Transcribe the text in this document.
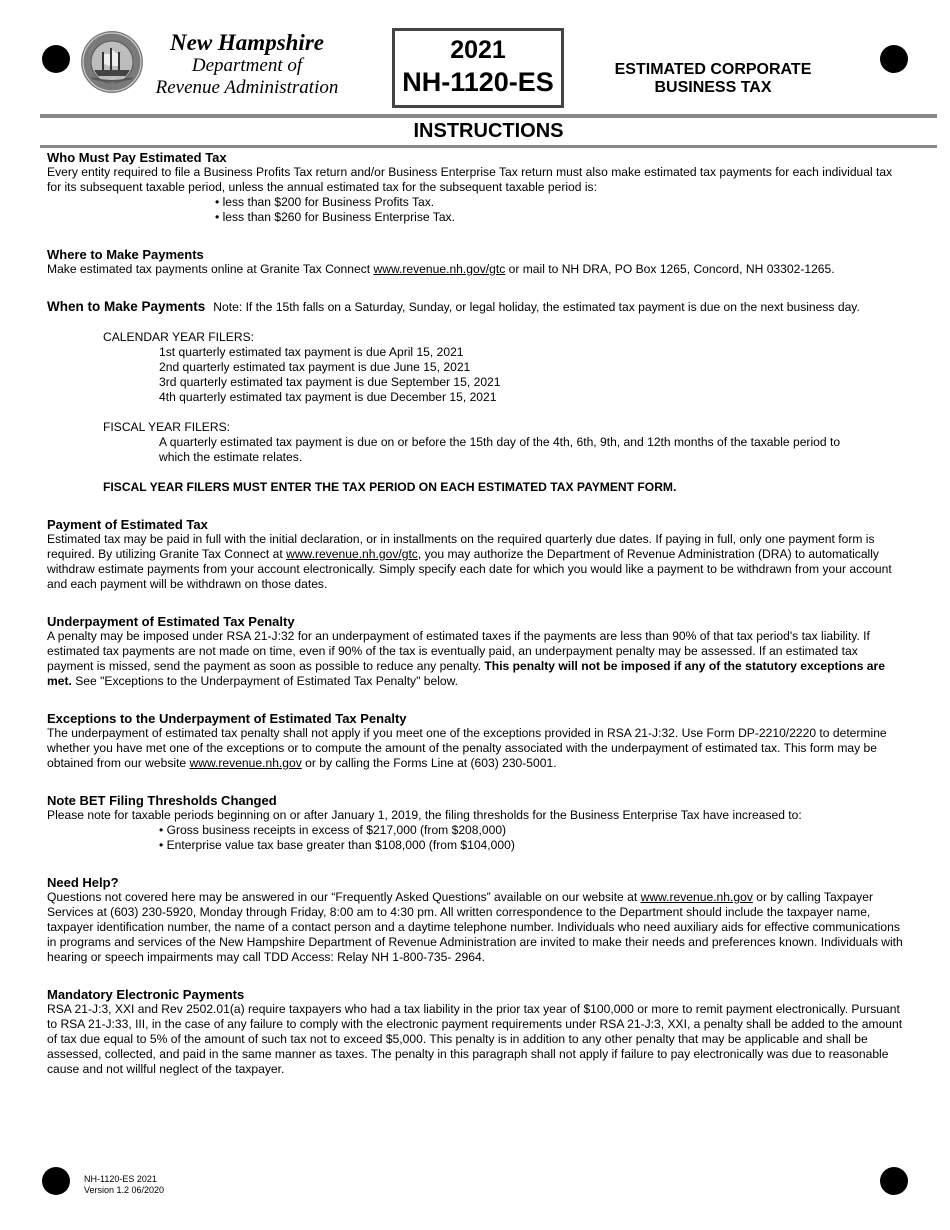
New Hampshire
Department of
Revenue Administration
2021
NH-1120-ES	ESTIMATED CORPORATE
BUSINESS TAX
INSTRUCTIONS

Who Must Pay Estimated Tax

Every entity required to file a Business Profits Tax return and/or Business Enterprise Tax return must also make estimated tax payments for each individual tax for its subsequent taxable period, unless the annual estimated tax for the subsequent taxable period is:

• less than $200 for Business Profits Tax.

• less than $260 for Business Enterprise Tax.

Where to Make Payments

Make estimated tax payments online at Granite Tax Connect www.revenue.nh.gov/gtc or mail to NH DRA, PO Box 1265, Concord, NH 03302-1265.

When to Make Payments Note: If the 15th falls on a Saturday, Sunday, or legal holiday, the estimated tax payment is due on the next business day.

CALENDAR YEAR FILERS:

1st quarterly estimated tax payment is due April 15, 2021

2nd quarterly estimated tax payment is due June 15, 2021

3rd quarterly estimated tax payment is due September 15, 2021

4th quarterly estimated tax payment is due December 15, 2021

FISCAL YEAR FILERS:

A quarterly estimated tax payment is due on or before the 15th day of the 4th, 6th, 9th, and 12th months of the taxable period to which the estimate relates.

FISCAL YEAR FILERS MUST ENTER THE TAX PERIOD ON EACH ESTIMATED TAX PAYMENT FORM.

Payment of Estimated Tax

Estimated tax may be paid in full with the initial declaration, or in installments on the required quarterly due dates. If paying in full, only one payment form is required. By utilizing Granite Tax Connect at www.revenue.nh.gov/gtc, you may authorize the Department of Revenue Administration (DRA) to automatically withdraw estimate payments from your account electronically. Simply specify each date for which you would like a payment to be withdrawn from your account and each payment will be withdrawn on those dates.

Underpayment of Estimated Tax Penalty

A penalty may be imposed under RSA 21-J:32 for an underpayment of estimated taxes if the payments are less than 90% of that tax period's tax liability. If estimated tax payments are not made on time, even if 90% of the tax is eventually paid, an underpayment penalty may be assessed. If an estimated tax payment is missed, send the payment as soon as possible to reduce any penalty. This penalty will not be imposed if any of the statutory exceptions are met. See "Exceptions to the Underpayment of Estimated Tax Penalty" below.

Exceptions to the Underpayment of Estimated Tax Penalty

The underpayment of estimated tax penalty shall not apply if you meet one of the exceptions provided in RSA 21-J:32. Use Form DP-2210/2220 to determine whether you have met one of the exceptions or to compute the amount of the penalty associated with the underpayment of estimated tax. This form may be obtained from our website www.revenue.nh.gov or by calling the Forms Line at (603) 230-5001.

Note BET Filing Thresholds Changed

Please note for taxable periods beginning on or after January 1, 2019, the filing thresholds for the Business Enterprise Tax have increased to:

• Gross business receipts in excess of $217,000 (from $208,000)

• Enterprise value tax base greater than $108,000 (from $104,000)

Need Help?

Questions not covered here may be answered in our “Frequently Asked Questions” available on our website at www.revenue.nh.gov or by calling Taxpayer Services at (603) 230-5920, Monday through Friday, 8:00 am to 4:30 pm. All written correspondence to the Department should include the taxpayer name, taxpayer identification number, the name of a contact person and a daytime telephone number. Individuals who need auxiliary aids for effective communications in programs and services of the New Hampshire Department of Revenue Administration are invited to make their needs and preferences known. Individuals with hearing or speech impairments may call TDD Access: Relay NH 1-800-735- 2964.

Mandatory Electronic Payments

RSA 21-J:3, XXI and Rev 2502.01(a) require taxpayers who had a tax liability in the prior tax year of $100,000 or more to remit payment electronically. Pursuant to RSA 21-J:33, III, in the case of any failure to comply with the electronic payment requirements under RSA 21-J:3, XXI, a penalty shall be added to the amount of tax due equal to 5% of the amount of such tax not to exceed $5,000. This penalty is in addition to any other penalty that may be applicable and shall be assessed, collected, and paid in the same manner as taxes. The penalty in this paragraph shall not apply if failure to pay electronically was due to reasonable cause and not willful neglect of the taxpayer.

NH-1120-ES 2021
Version 1.2 06/2020
